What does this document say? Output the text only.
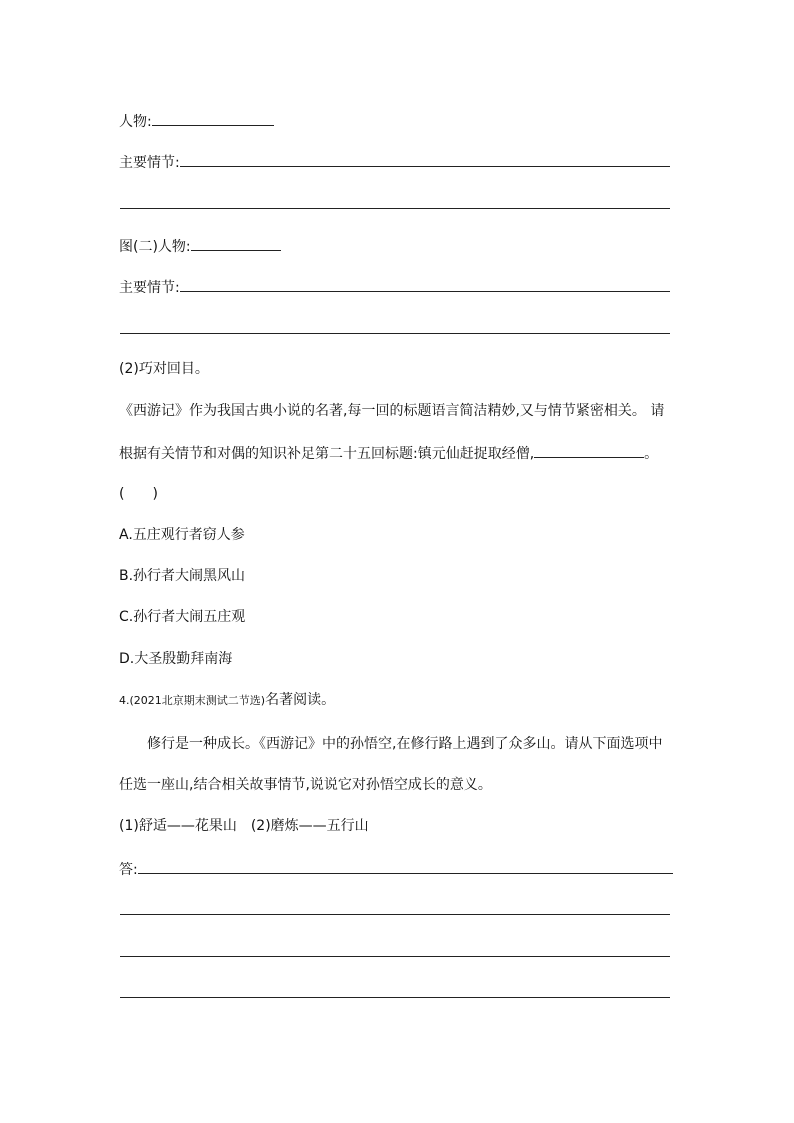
人物:
主要情节:
图(二)人物:
主要情节:
(2)巧对回目。
《西游记》作为我国古典小说的名著,每一回的标题语言简洁精妙,又与情节紧密相关。 请
根据有关情节和对偶的知识补足第二十五回标题:镇元仙赶捉取经僧,	。
(　　)
A.五庄观行者窃人参
B.孙行者大闹黑风山
C.孙行者大闹五庄观
D.大圣殷勤拜南海
4.(2021北京期末测试二节选)名著阅读。
修行是一种成长。《西游记》中的孙悟空,在修行路上遇到了众多山。请从下面选项中
任选一座山,结合相关故事情节,说说它对孙悟空成长的意义。
(1)舒适——花果山　(2)磨炼——五行山
答:
